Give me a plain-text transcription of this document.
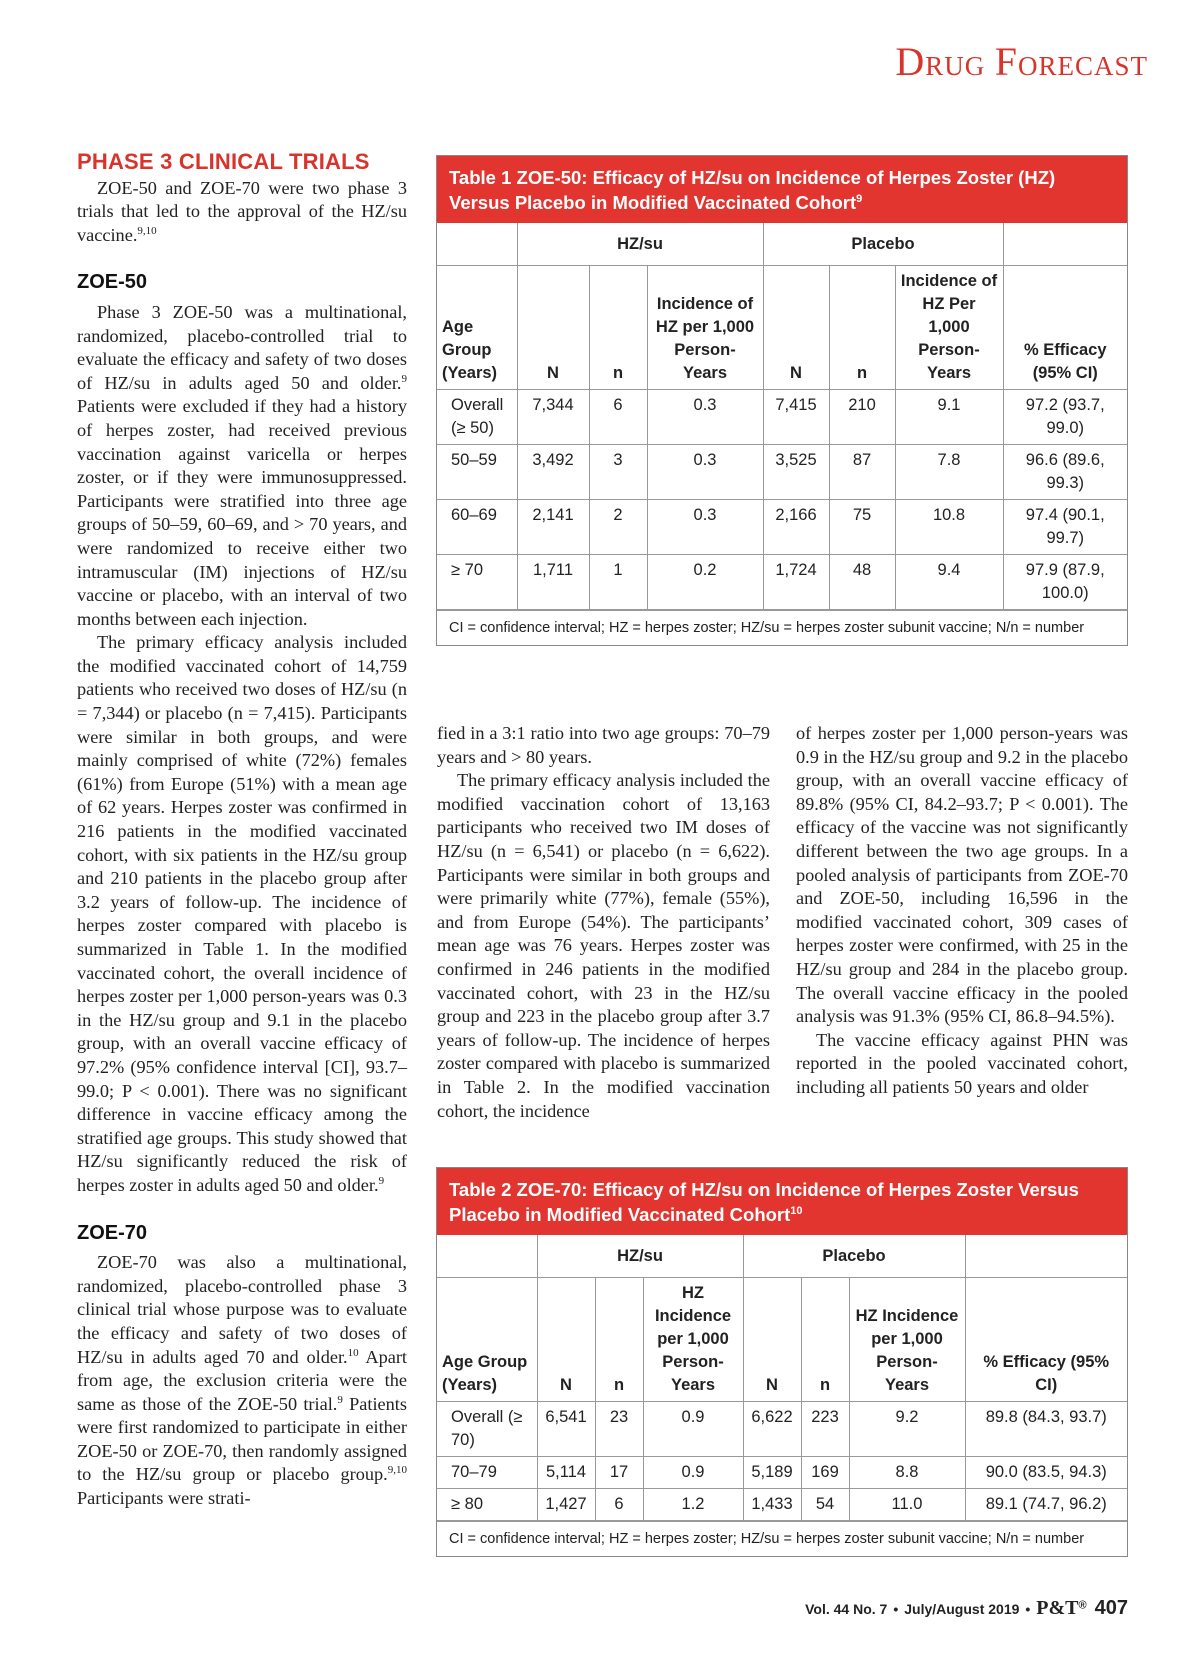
DRUG FORECAST
PHASE 3 CLINICAL TRIALS

ZOE-50 and ZOE-70 were two phase 3 trials that led to the approval of the HZ/su vaccine.$^{9,10}$

ZOE-50

Phase 3 ZOE-50 was a multinational, randomized, placebo-controlled trial to evaluate the efficacy and safety of two doses of HZ/su in adults aged 50 and older.$^9$ Patients were excluded if they had a history of herpes zoster, had received previous vaccination against varicella or herpes zoster, or if they were immunosuppressed. Participants were stratified into three age groups of 50–59, 60–69, and > 70 years, and were randomized to receive either two intramuscular (IM) injections of HZ/su vaccine or placebo, with an interval of two months between each injection.

The primary efficacy analysis included the modified vaccinated cohort of 14,759 patients who received two doses of HZ/su (n = 7,344) or placebo (n = 7,415). Participants were similar in both groups, and were mainly comprised of white (72%) females (61%) from Europe (51%) with a mean age of 62 years. Herpes zoster was confirmed in 216 patients in the modified vaccinated cohort, with six patients in the HZ/su group and 210 patients in the placebo group after 3.2 years of follow-up. The incidence of herpes zoster compared with placebo is summarized in Table 1. In the modified vaccinated cohort, the overall incidence of herpes zoster per 1,000 person-years was 0.3 in the HZ/su group and 9.1 in the placebo group, with an overall vaccine efficacy of 97.2% (95% confidence interval [CI], 93.7–99.0; P < 0.001). There was no significant difference in vaccine efficacy among the stratified age groups. This study showed that HZ/su significantly reduced the risk of herpes zoster in adults aged 50 and older.$^9$

ZOE-70

ZOE-70 was also a multinational, randomized, placebo-controlled phase 3 clinical trial whose purpose was to evaluate the efficacy and safety of two doses of HZ/su in adults aged 70 and older.$^{10}$ Apart from age, the exclusion criteria were the same as those of the ZOE-50 trial.$^9$ Patients were first randomized to participate in either ZOE-50 or ZOE-70, then randomly assigned to the HZ/su group or placebo group.$^{9,10}$ Participants were strati-

fied in a 3:1 ratio into two age groups: 70–79 years and > 80 years.

The primary efficacy analysis included the modified vaccination cohort of 13,163 participants who received two IM doses of HZ/su (n = 6,541) or placebo (n = 6,622). Participants were similar in both groups and were primarily white (77%), female (55%), and from Europe (54%). The participants’ mean age was 76 years. Herpes zoster was confirmed in 246 patients in the modified vaccinated cohort, with 23 in the HZ/su group and 223 in the placebo group after 3.7 years of follow-up. The incidence of herpes zoster compared with placebo is summarized in Table 2. In the modified vaccination cohort, the incidence

of herpes zoster per 1,000 person-years was 0.9 in the HZ/su group and 9.2 in the placebo group, with an overall vaccine efficacy of 89.8% (95% CI, 84.2–93.7; P < 0.001). The efficacy of the vaccine was not significantly different between the two age groups. In a pooled analysis of participants from ZOE-70 and ZOE-50, including 16,596 in the modified vaccinated cohort, 309 cases of herpes zoster were confirmed, with 25 in the HZ/su group and 284 in the placebo group. The overall vaccine efficacy in the pooled analysis was 91.3% (95% CI, 86.8–94.5%).

The vaccine efficacy against PHN was reported in the pooled vaccinated cohort, including all patients 50 years and older

Table 1 ZOE-50: Efficacy of HZ/su on Incidence of Herpes Zoster (HZ) Versus Placebo in Modified Vaccinated Cohort$^9$
	HZ/su			Placebo			
Age Group (Years)	N	n	Incidence of HZ per 1,000 Person-Years	N	n	Incidence of HZ Per 1,000 Person-Years	% Efficacy (95% CI)
Overall (≥ 50)	7,344	6	0.3	7,415	210	9.1	97.2 (93.7, 99.0)
50–59	3,492	3	0.3	3,525	87	7.8	96.6 (89.6, 99.3)
60–69	2,141	2	0.3	2,166	75	10.8	97.4 (90.1, 99.7)
≥ 70	1,711	1	0.2	1,724	48	9.4	97.9 (87.9, 100.0)
CI = confidence interval; HZ = herpes zoster; HZ/su = herpes zoster subunit vaccine; N/n = number
Table 2 ZOE-70: Efficacy of HZ/su on Incidence of Herpes Zoster Versus Placebo in Modified Vaccinated Cohort$^{10}$
	HZ/su			Placebo			
Age Group (Years)	N	n	HZ Incidence per 1,000 Person-Years	N	n	HZ Incidence per 1,000 Person-Years	% Efficacy (95% CI)
Overall (≥ 70)	6,541	23	0.9	6,622	223	9.2	89.8 (84.3, 93.7)
70–79	5,114	17	0.9	5,189	169	8.8	90.0 (83.5, 94.3)
≥ 80	1,427	6	1.2	1,433	54	11.0	89.1 (74.7, 96.2)
CI = confidence interval; HZ = herpes zoster; HZ/su = herpes zoster subunit vaccine; N/n = number
Vol. 44 No. 7 • July/August 2019 • P&T® 407
